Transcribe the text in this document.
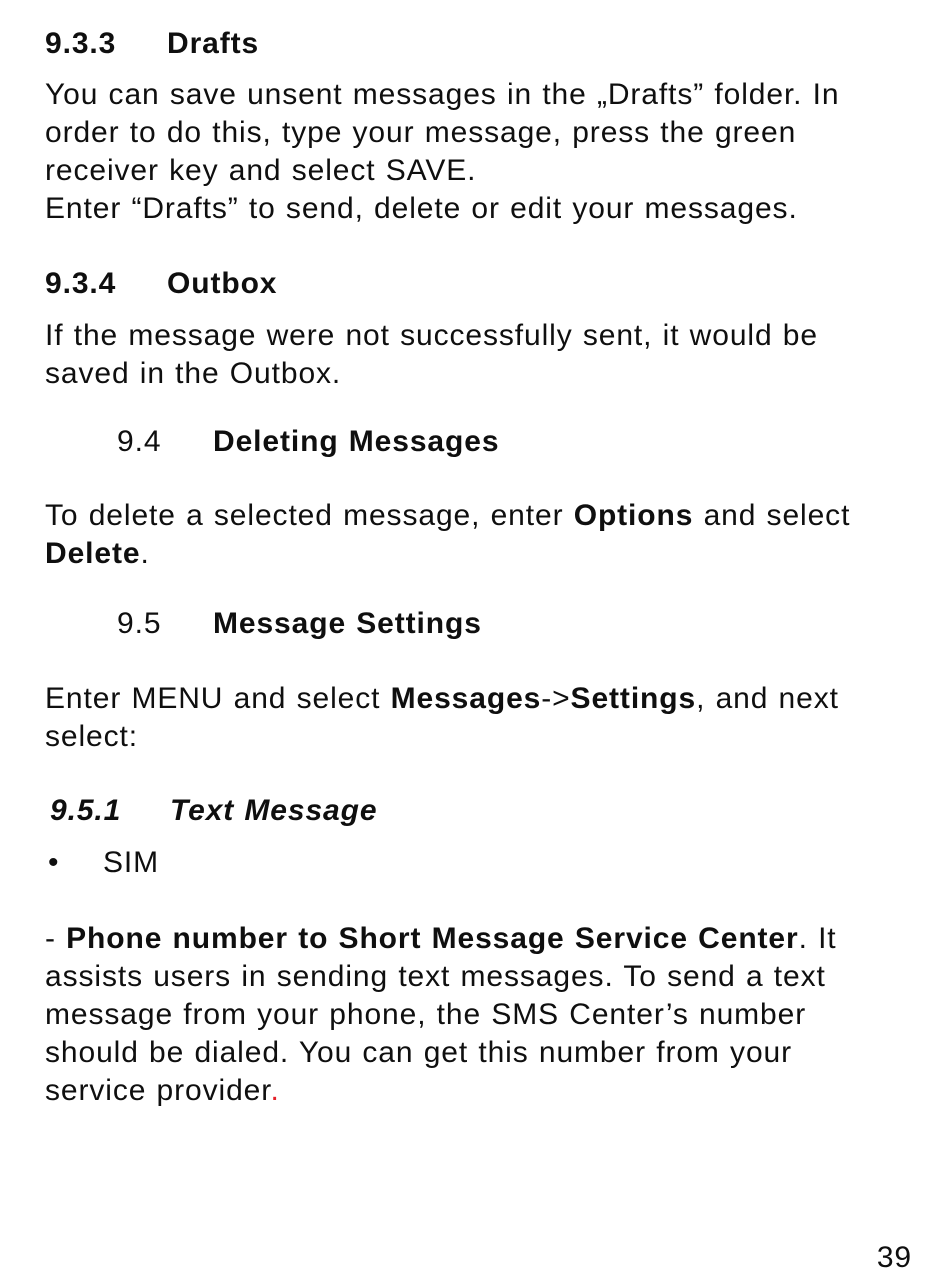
9.3.3 Drafts

You can save unsent messages in the „Drafts” folder. In
order to do this, type your message, press the green
receiver key and select SAVE.
Enter “Drafts” to send, delete or edit your messages.

9.3.4 Outbox

If the message were not successfully sent, it would be
saved in the Outbox.

9.4 Deleting Messages

To delete a selected message, enter Options and select
Delete.

9.5 Message Settings

Enter MENU and select Messages->Settings, and next
select:

9.5.1 Text Message
• SIM

- Phone number to Short Message Service Center. It
assists users in sending text messages. To send a text
message from your phone, the SMS Center’s number
should be dialed. You can get this number from your
service provider.

39
